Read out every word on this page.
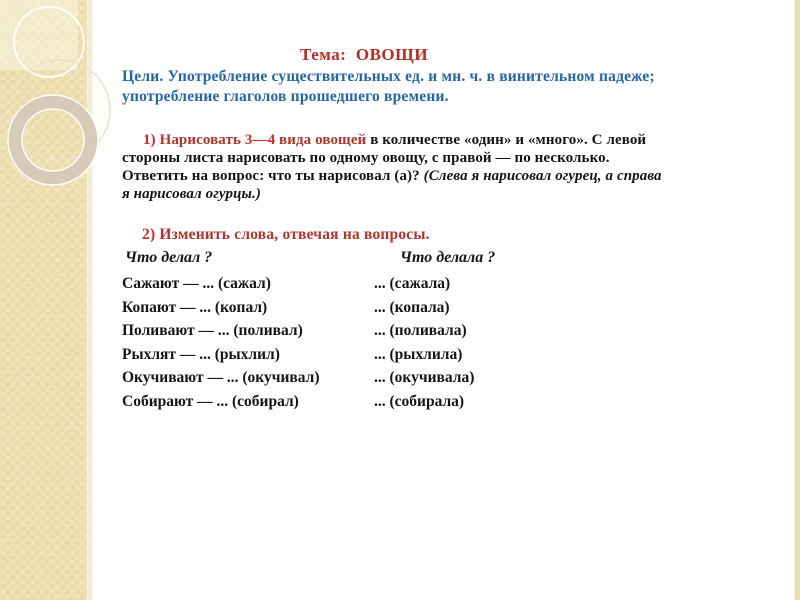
Тема:  ОВОЩИ
Цели. Употребление существительных ед. и мн. ч. в винительном падеже;
употребление глаголов прошедшего времени.
1) Нарисовать 3—4 вида овощей в количестве «один» и «много». С левой
стороны листа нарисовать по одному овощу, с правой — по несколько.
Ответить на вопрос: что ты нарисовал (а)? (Слева я нарисовал огурец, а справа
я нарисовал огурцы.)
2) Изменить слова, отвечая на вопросы.
Что делал ?	Что делала ?
Сажают — ... (сажал)	... (сажала)
Копают — ... (копал)	... (копала)
Поливают — ... (поливал)	... (поливала)
Рыхлят — ... (рыхлил)	... (рыхлила)
Окучивают — ... (окучивал)	... (окучивала)
Собирают — ... (собирал)	... (собирала)
